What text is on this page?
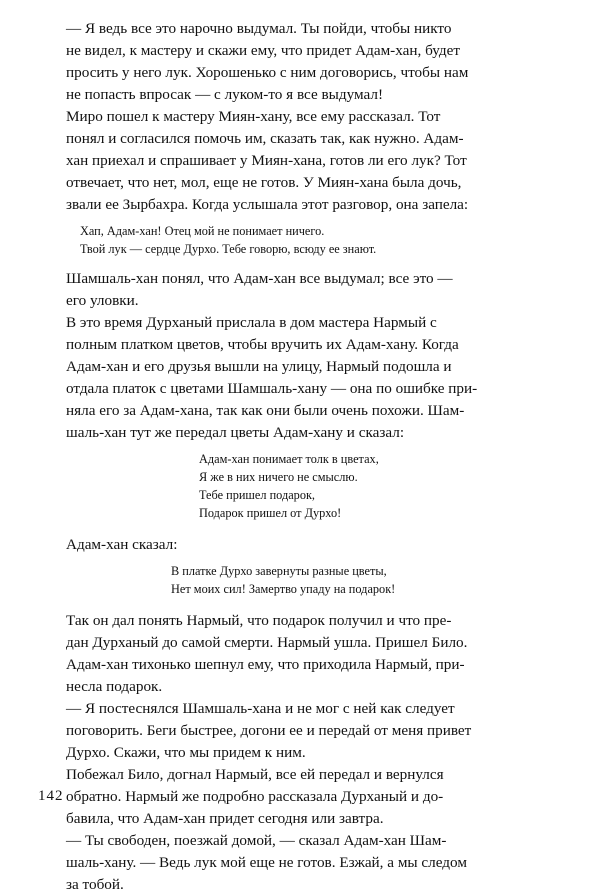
— Я ведь все это нарочно выдумал. Ты пойди, чтобы никто
не видел, к мастеру и скажи ему, что придет Адам-хан, будет
просить у него лук. Хорошенько с ним договорись, чтобы нам
не попасть впросак — с луком-то я все выдумал!

Миро пошел к мастеру Миян-хану, все ему рассказал. Тот
понял и согласился помочь им, сказать так, как нужно. Адам-
хан приехал и спрашивает у Миян-хана, готов ли его лук? Тот
отвечает, что нет, мол, еще не готов. У Миян-хана была дочь,
звали ее Зырбахра. Когда услышала этот разговор, она запела:

Хап, Адам-хан! Отец мой не понимает ничего.
Твой лук — сердце Дурхо. Тебе говорю, всюду ее знают.

Шамшаль-хан понял, что Адам-хан все выдумал; все это —
его уловки.

В это время Дурханый прислала в дом мастера Нармый с
полным платком цветов, чтобы вручить их Адам-хану. Когда
Адам-хан и его друзья вышли на улицу, Нармый подошла и
отдала платок с цветами Шамшаль-хану — она по ошибке при-
няла его за Адам-хана, так как они были очень похожи. Шам-
шаль-хан тут же передал цветы Адам-хану и сказал:

Адам-хан понимает толк в цветах,
Я же в них ничего не смыслю.
Тебе пришел подарок,
Подарок пришел от Дурхо!

Адам-хан сказал:

В платке Дурхо завернуты разные цветы,
Нет моих сил! Замертво упаду на подарок!

Так он дал понять Нармый, что подарок получил и что пре-
дан Дурханый до самой смерти. Нармый ушла. Пришел Било.
Адам-хан тихонько шепнул ему, что приходила Нармый, при-
несла подарок.

— Я постеснялся Шамшаль-хана и не мог с ней как следует
поговорить. Беги быстрее, догони ее и передай от меня привет
Дурхо. Скажи, что мы придем к ним.

Побежал Било, догнал Нармый, все ей передал и вернулся
обратно. Нармый же подробно рассказала Дурханый и до-
бавила, что Адам-хан придет сегодня или завтра.

— Ты свободен, поезжай домой, — сказал Адам-хан Шам-
шаль-хану. — Ведь лук мой еще не готов. Езжай, а мы следом
за тобой.

142
